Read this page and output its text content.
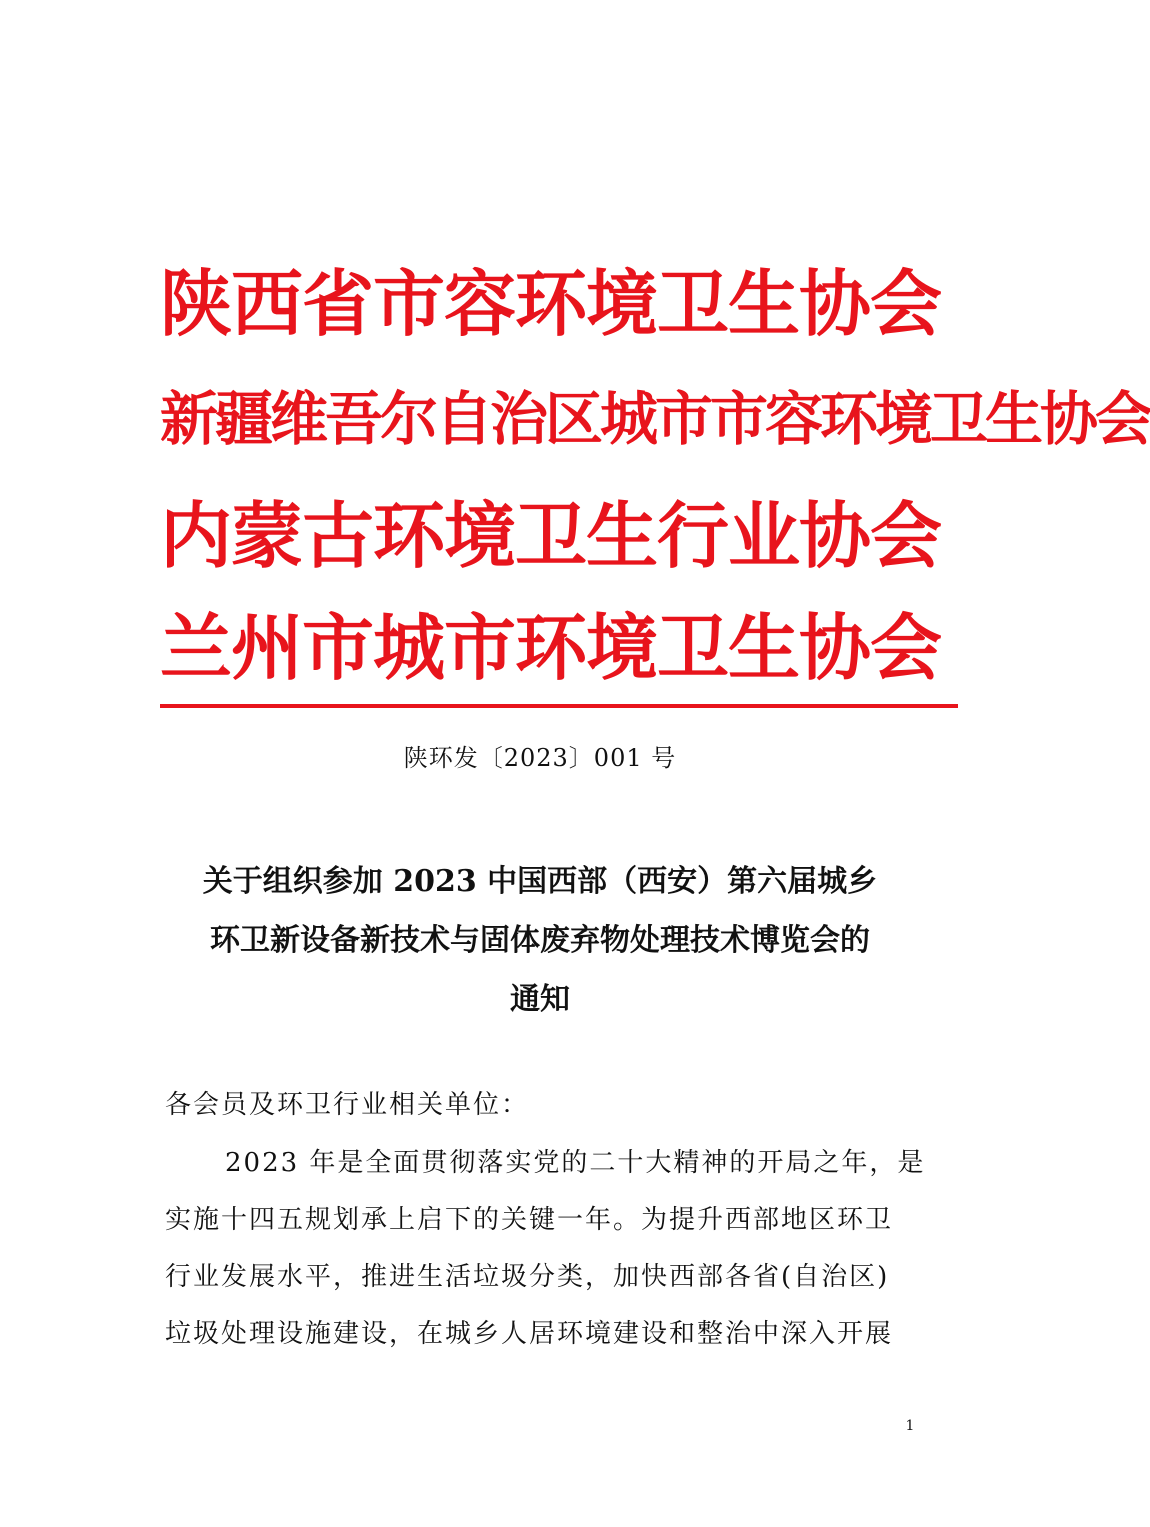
陕西省市容环境卫生协会
新疆维吾尔自治区城市市容环境卫生协会
内蒙古环境卫生行业协会
兰州市城市环境卫生协会
陕环发〔2023〕001 号
关于组织参加 2023 中国西部（西安）第六届城乡
环卫新设备新技术与固体废弃物处理技术博览会的
通知
各会员及环卫行业相关单位：
2023 年是全面贯彻落实党的二十大精神的开局之年，是
实施十四五规划承上启下的关键一年。为提升西部地区环卫
行业发展水平，推进生活垃圾分类，加快西部各省(自治区)
垃圾处理设施建设，在城乡人居环境建设和整治中深入开展
1
